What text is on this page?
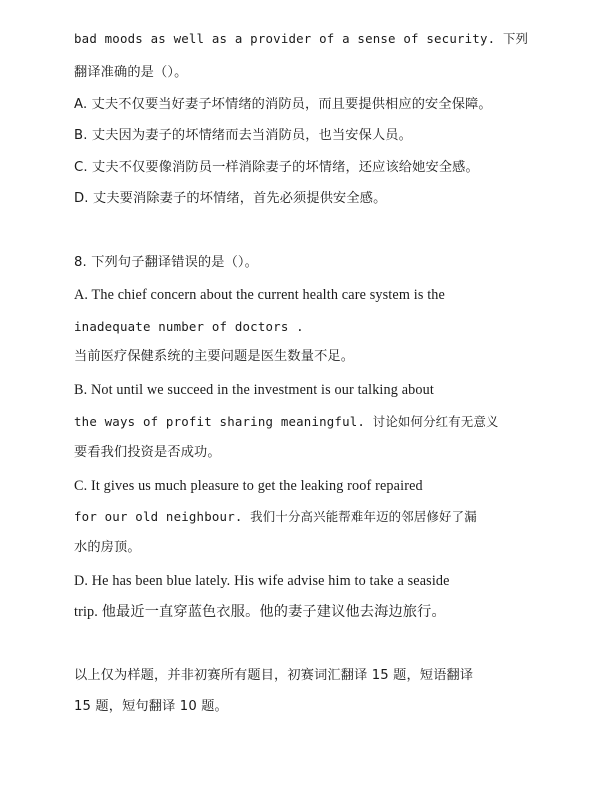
bad moods as well as a provider of a sense of security. 下列
翻译准确的是（）。
A. 丈夫不仅要当好妻子坏情绪的消防员，而且要提供相应的安全保障。
B. 丈夫因为妻子的坏情绪而去当消防员，也当安保人员。
C. 丈夫不仅要像消防员一样消除妻子的坏情绪，还应该给她安全感。
D. 丈夫要消除妻子的坏情绪，首先必须提供安全感。
8. 下列句子翻译错误的是（）。
A. The chief concern about the current health care system is the
inadequate number of doctors .
当前医疗保健系统的主要问题是医生数量不足。
B. Not until we succeed in the investment is our talking about
the ways of profit sharing meaningful. 讨论如何分红有无意义
要看我们投资是否成功。
C. It gives us much pleasure to get the leaking roof repaired
for our old neighbour. 我们十分高兴能帮难年迈的邻居修好了漏
水的房顶。
D. He has been blue lately. His wife advise him to take a seaside
trip. 他最近一直穿蓝色衣服。他的妻子建议他去海边旅行。
以上仅为样题，并非初赛所有题目，初赛词汇翻译 15 题，短语翻译
15 题，短句翻译 10 题。
